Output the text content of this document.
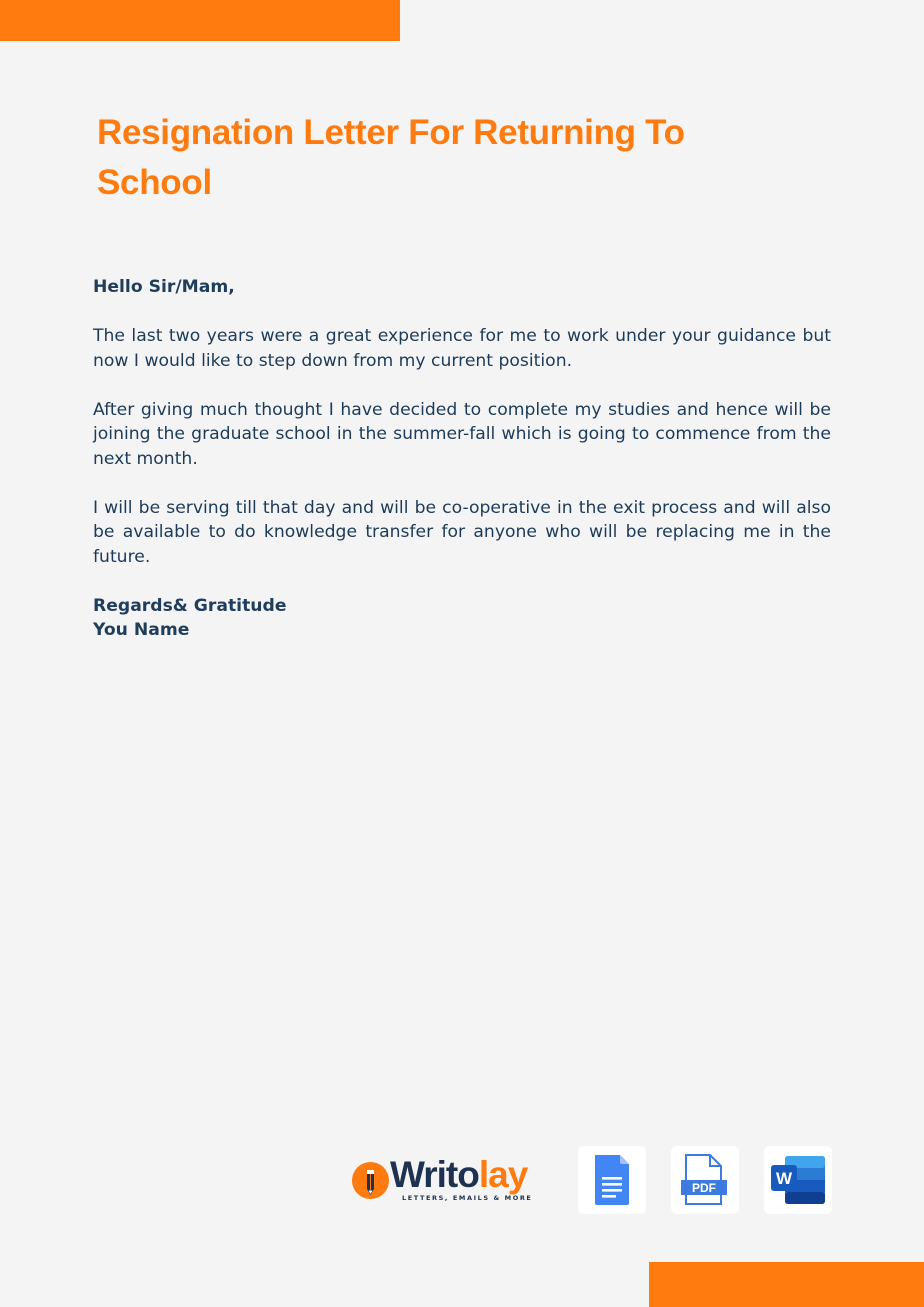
Resignation Letter For Returning To School

Hello Sir/Mam,

The last two years were a great experience for me to work under your guidance but now I would like to step down from my current position.

After giving much thought I have decided to complete my studies and hence will be joining the graduate school in the summer-fall which is going to commence from the next month.

I will be serving till that day and will be co-operative in the exit process and will also be available to do knowledge transfer for anyone who will be replacing me in the future.

Regards& Gratitude
You Name
Writolay
LETTERS, EMAILS & MORE
PDF	W
